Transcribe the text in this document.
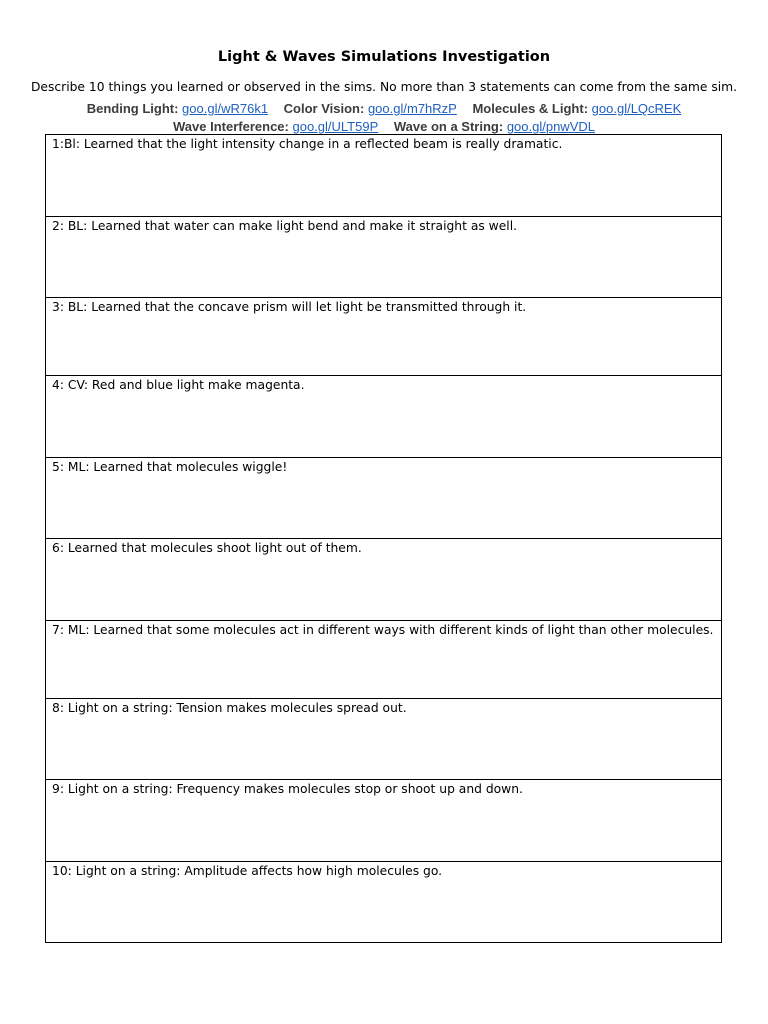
Light & Waves Simulations Investigation
Describe 10 things you learned or observed in the sims. No more than 3 statements can come from the same sim.
Bending Light: goo.gl/wR76k1 Color Vision: goo.gl/m7hRzP Molecules & Light: goo.gl/LQcREK
Wave Interference: goo.gl/ULT59P Wave on a String: goo.gl/pnwVDL
1:Bl: Learned that the light intensity change in a reflected beam is really dramatic.
2: BL: Learned that water can make light bend and make it straight as well.
3: BL: Learned that the concave prism will let light be transmitted through it.
4: CV: Red and blue light make magenta.
5: ML: Learned that molecules wiggle!
6: Learned that molecules shoot light out of them.
7: ML: Learned that some molecules act in different ways with different kinds of light than other molecules.
8: Light on a string: Tension makes molecules spread out.
9: Light on a string: Frequency makes molecules stop or shoot up and down.
10: Light on a string: Amplitude affects how high molecules go.
